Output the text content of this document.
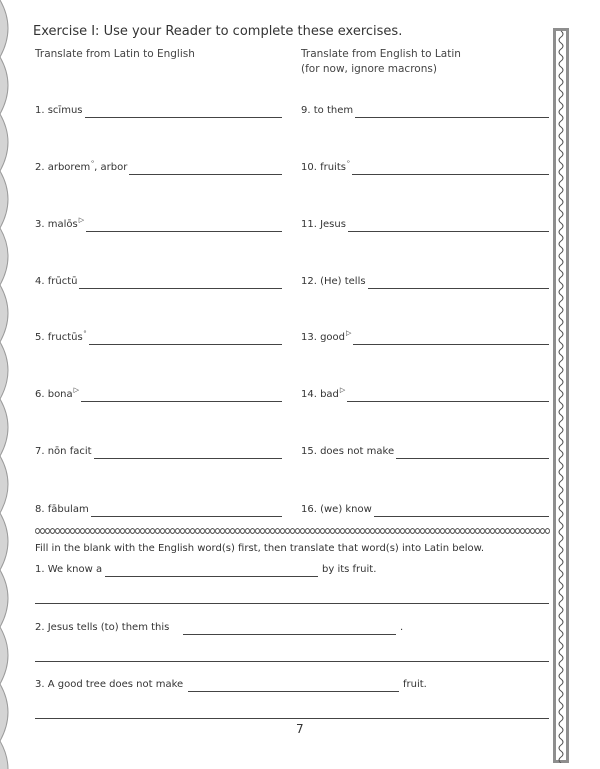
Exercise I: Use your Reader to complete these exercises.
Translate from Latin to English	Translate from English to Latin
(for now, ignore macrons)
1. scīmus
2. arborem$^ᵒ$, arbor
3. malōs▷
4. frūctū
5. fructūs$^ᵒ$
6. bona▷
7. nōn facit
8. fābulam
9. to them
10. fruits$^ᵒ$
11. Jesus
12. (He) tells
13. good▷
14. bad▷
15. does not make
16. (we) know
Fill in the blank with the English word(s) first, then translate that word(s) into Latin below.
1. We know a	by its fruit.
2. Jesus tells (to) them this	.
3. A good tree does not make	fruit.
7
